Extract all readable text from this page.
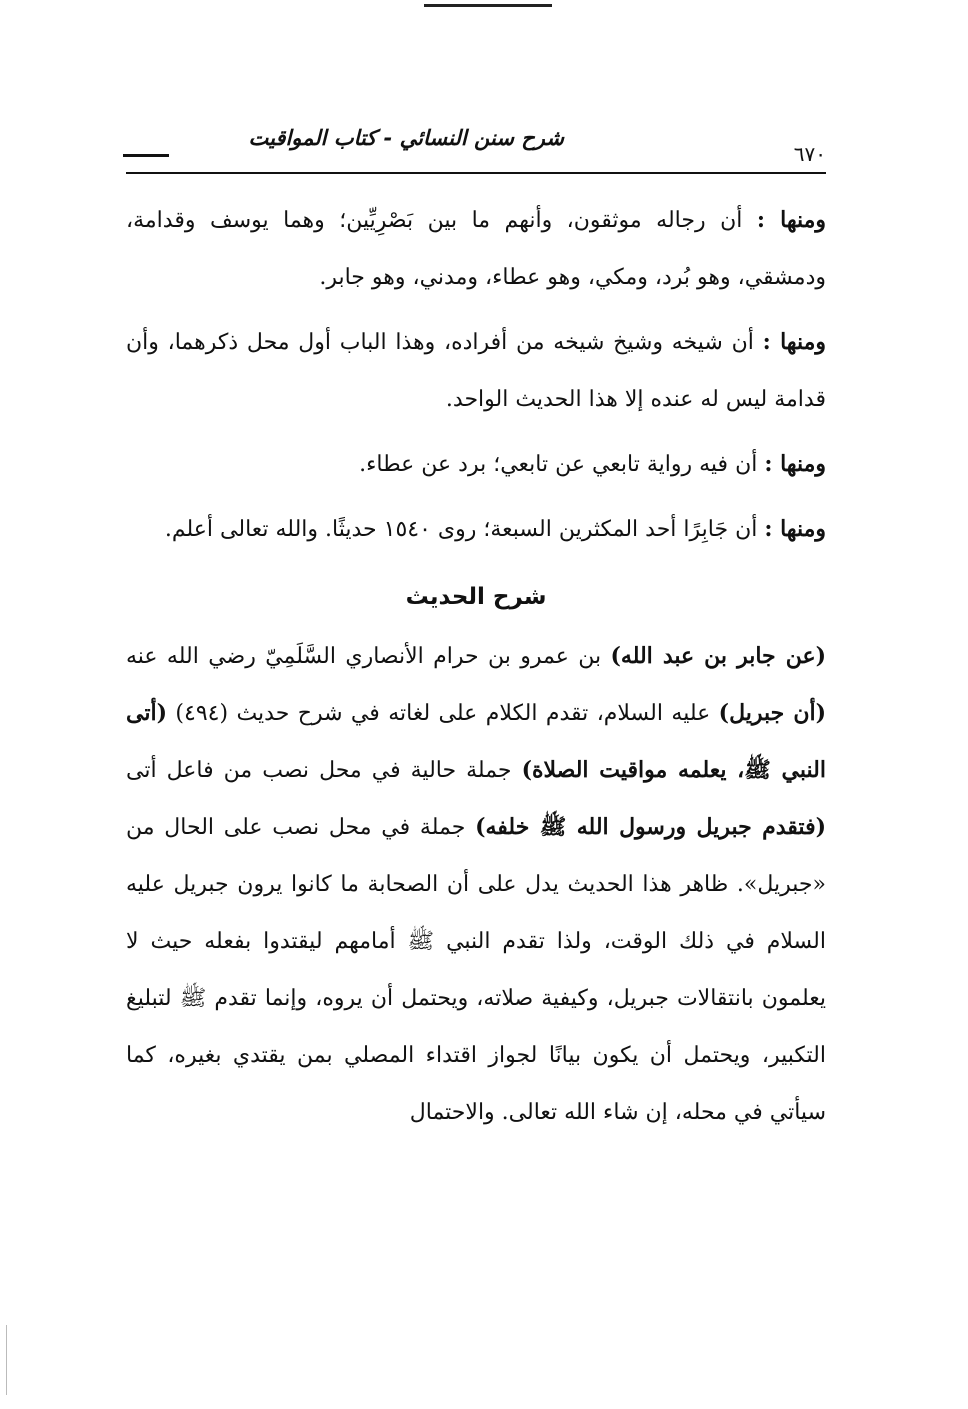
شرح سنن النسائي - كتاب المواقيت
٦٧٠

ومنها : أن رجاله موثقون، وأنهم ما بين بَصْرِيِّين؛ وهما يوسف وقدامة، ودمشقي، وهو بُرد، ومكي، وهو عطاء، ومدني، وهو جابر.

ومنها : أن شيخه وشيخ شيخه من أفراده، وهذا الباب أول محل ذكرهما، وأن قدامة ليس له عنده إلا هذا الحديث الواحد.

ومنها : أن فيه رواية تابعي عن تابعي؛ برد عن عطاء.

ومنها : أن جَابِرًا أحد المكثرين السبعة؛ روى ١٥٤٠ حديثًا. والله تعالى أعلم.

شرح الحديث

(عن جابر بن عبد الله) بن عمرو بن حرام الأنصاري السَّلَمِيّ رضي الله عنه (أن جبريل) عليه السلام، تقدم الكلام على لغاته في شرح حديث (٤٩٤) (أتى النبي ﷺ، يعلمه مواقيت الصلاة) جملة حالية في محل نصب من فاعل أتى (فتقدم جبريل ورسول الله ﷺ خلفه) جملة في محل نصب على الحال من «جبريل». ظاهر هذا الحديث يدل على أن الصحابة ما كانوا يرون جبريل عليه السلام في ذلك الوقت، ولذا تقدم النبي ﷺ أمامهم ليقتدوا بفعله حيث لا يعلمون بانتقالات جبريل، وكيفية صلاته، ويحتمل أن يروه، وإنما تقدم ﷺ لتبليغ التكبير، ويحتمل أن يكون بيانًا لجواز اقتداء المصلي بمن يقتدي بغيره، كما سيأتي في محله، إن شاء الله تعالى. والاحتمال
